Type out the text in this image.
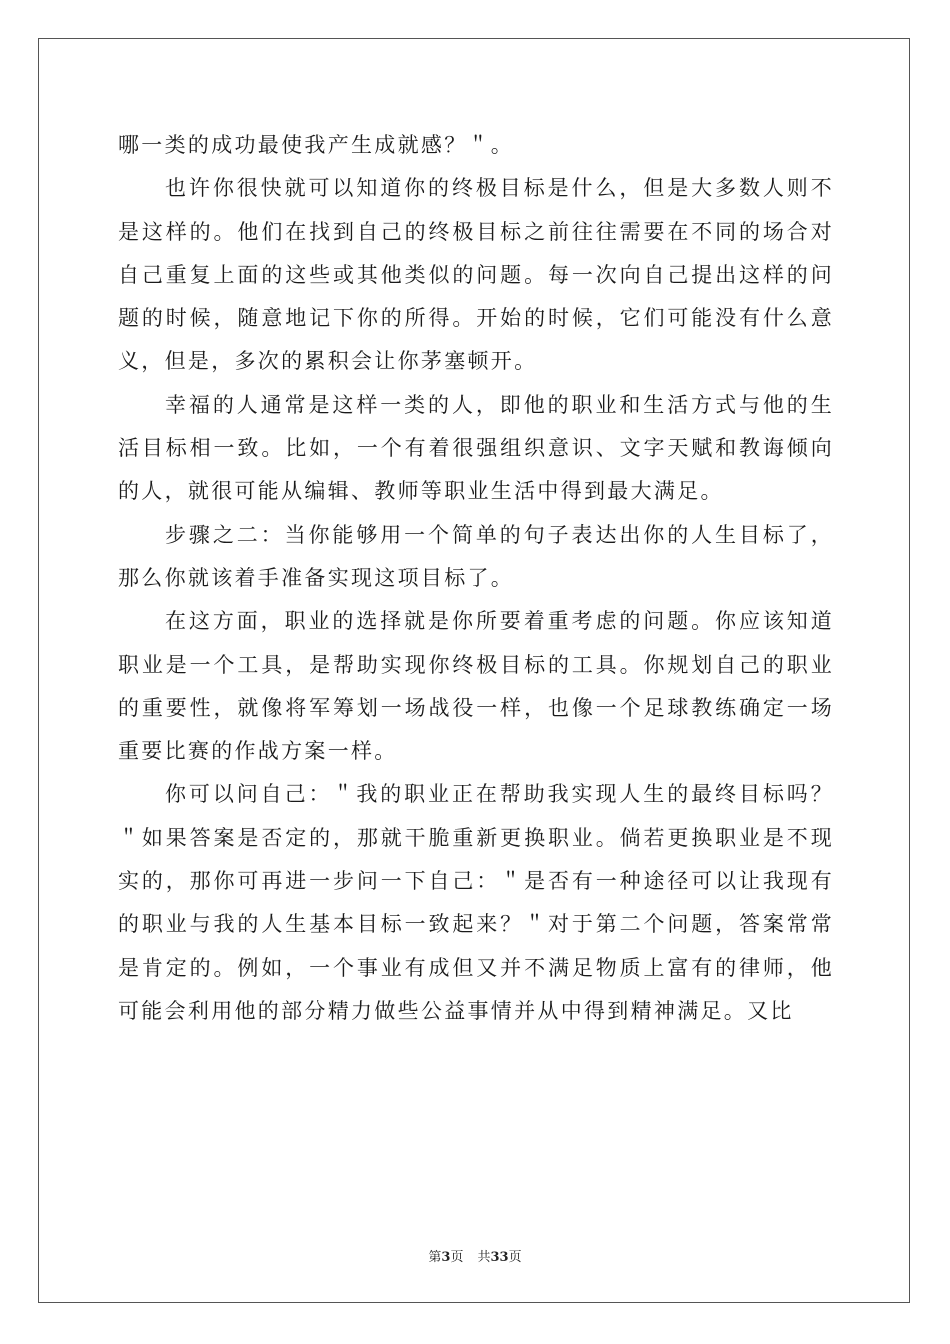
哪一类的成功最使我产生成就感？＂。

也许你很快就可以知道你的终极目标是什么，但是大多数人则不是这样的。他们在找到自己的终极目标之前往往需要在不同的场合对自己重复上面的这些或其他类似的问题。每一次向自己提出这样的问题的时候，随意地记下你的所得。开始的时候，它们可能没有什么意义，但是，多次的累积会让你茅塞顿开。

幸福的人通常是这样一类的人，即他的职业和生活方式与他的生活目标相一致。比如，一个有着很强组织意识、文字天赋和教诲倾向的人，就很可能从编辑、教师等职业生活中得到最大满足。

步骤之二：当你能够用一个简单的句子表达出你的人生目标了，那么你就该着手准备实现这项目标了。

在这方面，职业的选择就是你所要着重考虑的问题。你应该知道职业是一个工具，是帮助实现你终极目标的工具。你规划自己的职业的重要性，就像将军筹划一场战役一样，也像一个足球教练确定一场重要比赛的作战方案一样。

你可以问自己：＂我的职业正在帮助我实现人生的最终目标吗？＂如果答案是否定的，那就干脆重新更换职业。倘若更换职业是不现实的，那你可再进一步问一下自己：＂是否有一种途径可以让我现有的职业与我的人生基本目标一致起来？＂对于第二个问题，答案常常是肯定的。例如，一个事业有成但又并不满足物质上富有的律师，他可能会利用他的部分精力做些公益事情并从中得到精神满足。又比

第3页 共33页
